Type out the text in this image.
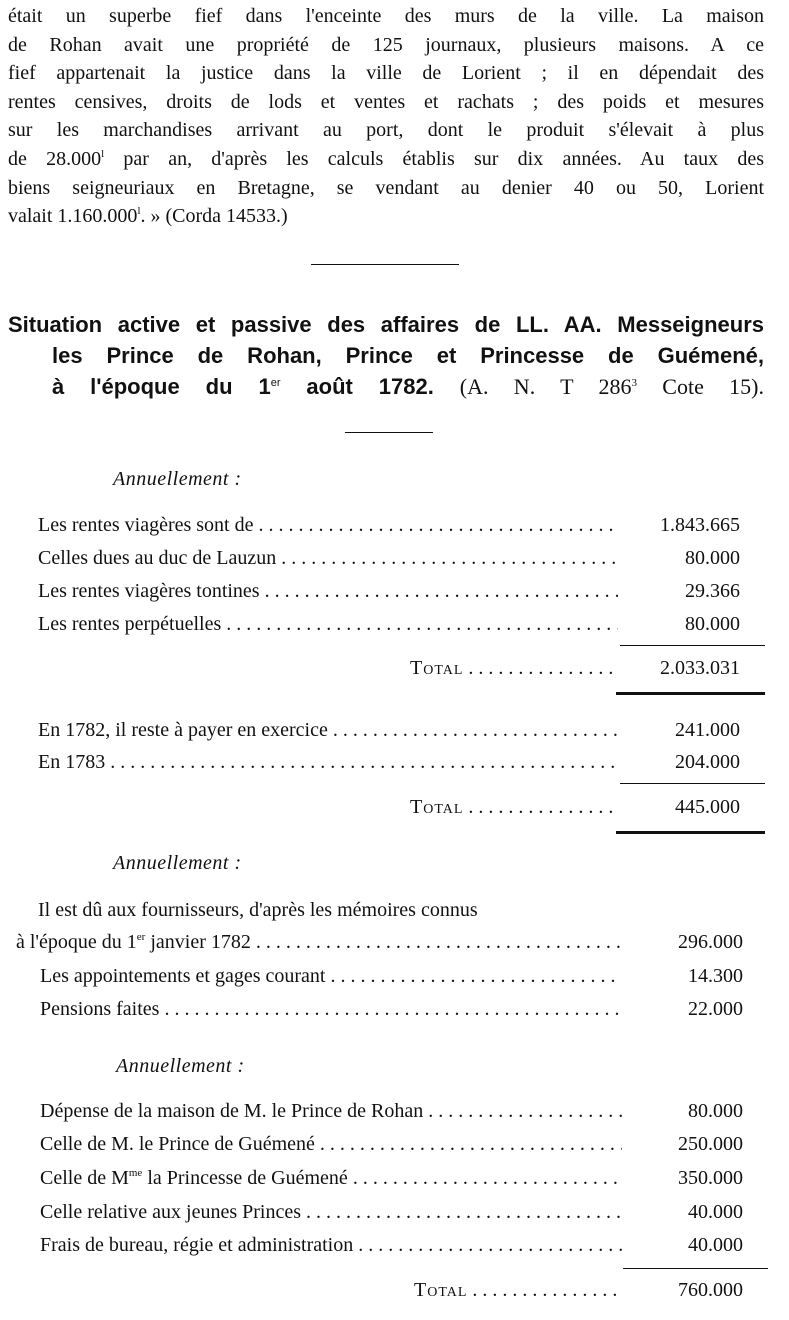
était un superbe fief dans l'enceinte des murs de la ville. La maison
de Rohan avait une propriété de 125 journaux, plusieurs maisons. A ce
fief appartenait la justice dans la ville de Lorient ; il en dépendait des
rentes censives, droits de lods et ventes et rachats ; des poids et mesures
sur les marchandises arrivant au port, dont le produit s'élevait à plus
de 28.000$^l$ par an, d'après les calculs établis sur dix années. Au taux des
biens seigneuriaux en Bretagne, se vendant au denier 40 ou 50, Lorient
valait 1.160.000$^l$. » (Corda 14533.)
Situation active et passive des affaires de LL. AA. Messeigneurs
les Prince de Rohan, Prince et Princesse de Guémené,
à l'époque du 1er août 1782. (A. N. T $286^3$ Cote 15).
Annuellement :
Les rentes viagères sont de . . .	1.843.665
Celles dues au duc de Lauzun . . .	80.000
Les rentes viagères tontines . . .	29.366
Les rentes perpétuelles . . .	80.000
Total . . .	2.033.031
En 1782, il reste à payer en exercice . . .	241.000
En 1783 . . .	204.000
Total . . .	445.000
Annuellement :
Il est dû aux fournisseurs, d'après les mémoires connus
à l'époque du 1er janvier 1782 . . .	296.000
Les appointements et gages courant . . .	14.300
Pensions faites . . .	22.000
Annuellement :
Dépense de la maison de M. le Prince de Rohan . . .	80.000
Celle de M. le Prince de Guémené . . .	250.000
Celle de $M^{me}$ la Princesse de Guémené . . .	350.000
Celle relative aux jeunes Princes . . .	40.000
Frais de bureau, régie et administration . . .	40.000
Total . . .	760.000
